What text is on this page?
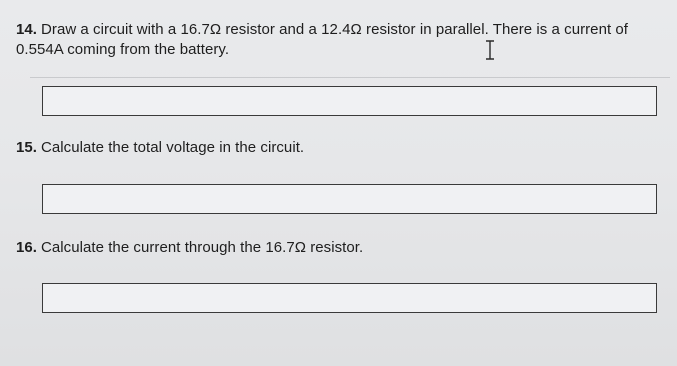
14. Draw a circuit with a 16.7Ω resistor and a 12.4Ω resistor in parallel. There is a current of 0.554A coming from the battery.
15. Calculate the total voltage in the circuit.
16. Calculate the current through the 16.7Ω resistor.
